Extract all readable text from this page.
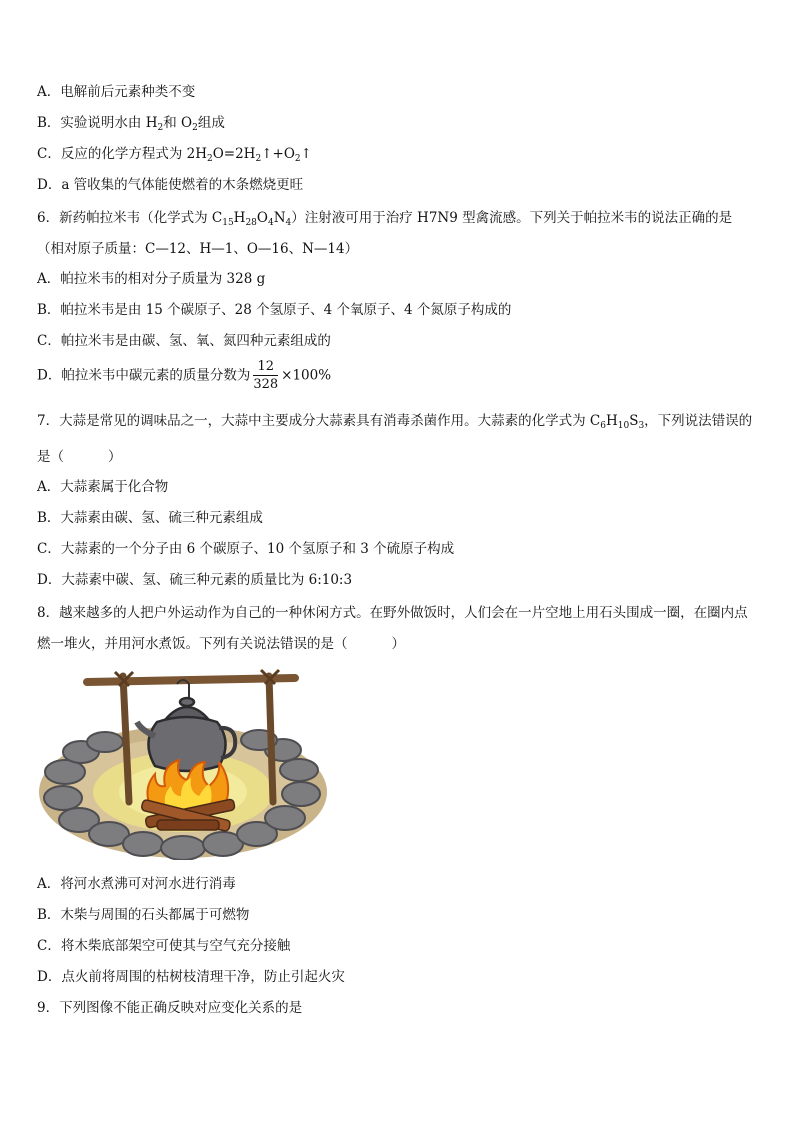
A．电解前后元素种类不变
B．实验说明水由 $H_2$和 $O_2$组成
C．反应的化学方程式为 $2H_2O=2H_2↑+O_2↑$
D．a 管收集的气体能使燃着的木条燃烧更旺
6．新药帕拉米韦（化学式为 $C_{15}H_{28}O_4N_4$）注射液可用于治疗 H7N9 型禽流感。下列关于帕拉米韦的说法正确的是（相对原子质量：C—12、H—1、O—16、N—14）
A．帕拉米韦的相对分子质量为 328 g
B．帕拉米韦是由 15 个碳原子、28 个氢原子、4 个氧原子、4 个氮原子构成的
C．帕拉米韦是由碳、氢、氧、氮四种元素组成的
D．帕拉米韦中碳元素的质量分数为 $\frac{12}{328} \times 100\%$
7．大蒜是常见的调味品之一，大蒜中主要成分大蒜素具有消毒杀菌作用。大蒜素的化学式为 $C_6H_{10}S_3$，下列说法错误的是（	）
A．大蒜素属于化合物
B．大蒜素由碳、氢、硫三种元素组成
C．大蒜素的一个分子由 6 个碳原子、10 个氢原子和 3 个硫原子构成
D．大蒜素中碳、氢、硫三种元素的质量比为 6:10:3
8．越来越多的人把户外运动作为自己的一种休闲方式。在野外做饭时，人们会在一片空地上用石头围成一圈，在圈内点燃一堆火，并用河水煮饭。下列有关说法错误的是（	）
A．将河水煮沸可对河水进行消毒
B．木柴与周围的石头都属于可燃物
C．将木柴底部架空可使其与空气充分接触
D．点火前将周围的枯树枝清理干净，防止引起火灾
9．下列图像不能正确反映对应变化关系的是
